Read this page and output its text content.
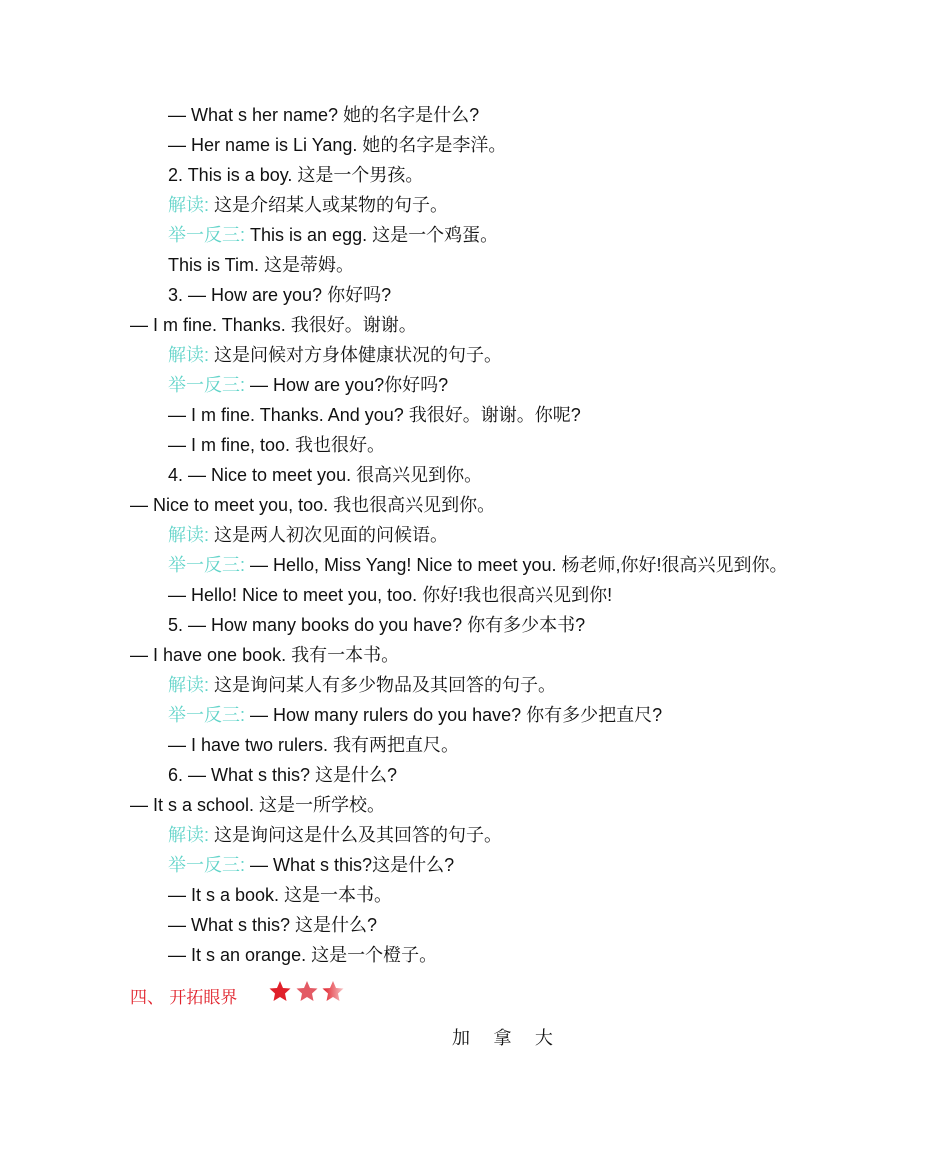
— What s her name? 她的名字是什么?
— Her name is Li Yang. 她的名字是李洋。
2. This is a boy. 这是一个男孩。
解读: 这是介绍某人或某物的句子。
举一反三: This is an egg. 这是一个鸡蛋。
This is Tim. 这是蒂姆。
3. — How are you? 你好吗?
— I m fine. Thanks. 我很好。谢谢。
解读: 这是问候对方身体健康状况的句子。
举一反三: — How are you?你好吗?
— I m fine. Thanks. And you? 我很好。谢谢。你呢?
— I m fine, too. 我也很好。
4. — Nice to meet you. 很高兴见到你。
— Nice to meet you, too. 我也很高兴见到你。
解读: 这是两人初次见面的问候语。
举一反三: — Hello, Miss Yang! Nice to meet you. 杨老师,你好!很高兴见到你。
— Hello! Nice to meet you, too. 你好!我也很高兴见到你!
5. — How many books do you have? 你有多少本书?
— I have one book. 我有一本书。
解读: 这是询问某人有多少物品及其回答的句子。
举一反三: — How many rulers do you have? 你有多少把直尺?
— I have two rulers. 我有两把直尺。
6. — What s this? 这是什么?
— It s a school. 这是一所学校。
解读: 这是询问这是什么及其回答的句子。
举一反三: — What s this?这是什么?
— It s a book. 这是一本书。
— What s this? 这是什么?
— It s an orange. 这是一个橙子。
四、 开拓眼界
加  拿  大
